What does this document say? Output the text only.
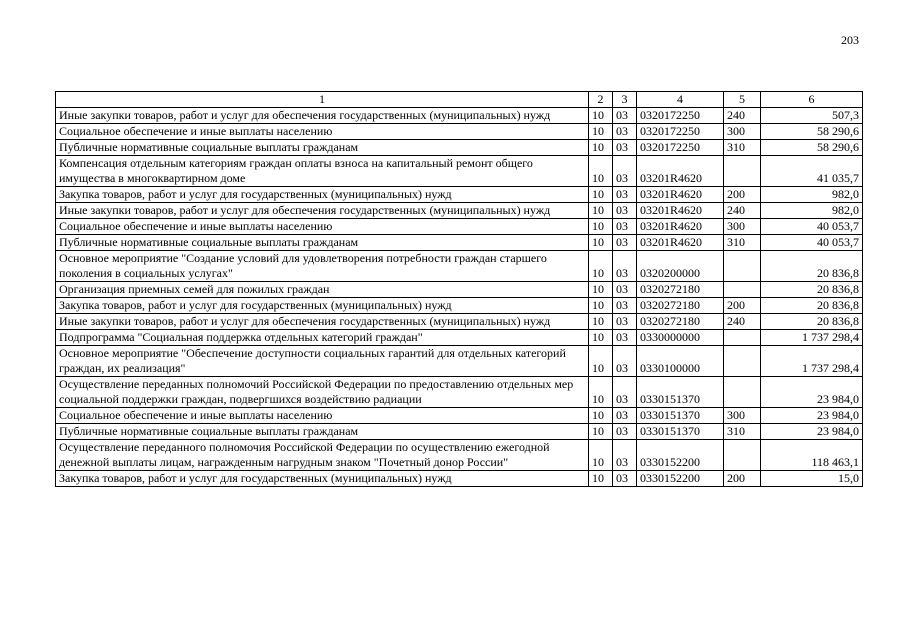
203
1	2	3	4	5	6
Иные закупки товаров, работ и услуг для обеспечения государственных (муниципальных) нужд	10	03	0320172250	240	507,3
Социальное обеспечение и иные выплаты населению	10	03	0320172250	300	58 290,6
Публичные нормативные социальные выплаты гражданам	10	03	0320172250	310	58 290,6
Компенсация отдельным категориям граждан оплаты взноса на капитальный ремонт общего имущества в многоквартирном доме	10	03	03201R4620		41 035,7
Закупка товаров, работ и услуг для государственных (муниципальных) нужд	10	03	03201R4620	200	982,0
Иные закупки товаров, работ и услуг для обеспечения государственных (муниципальных) нужд	10	03	03201R4620	240	982,0
Социальное обеспечение и иные выплаты населению	10	03	03201R4620	300	40 053,7
Публичные нормативные социальные выплаты гражданам	10	03	03201R4620	310	40 053,7
Основное мероприятие "Создание условий для удовлетворения потребности граждан старшего поколения в социальных услугах"	10	03	0320200000		20 836,8
Организация приемных семей для пожилых граждан	10	03	0320272180		20 836,8
Закупка товаров, работ и услуг для государственных (муниципальных) нужд	10	03	0320272180	200	20 836,8
Иные закупки товаров, работ и услуг для обеспечения государственных (муниципальных) нужд	10	03	0320272180	240	20 836,8
Подпрограмма "Социальная поддержка отдельных категорий граждан"	10	03	0330000000		1 737 298,4
Основное мероприятие "Обеспечение доступности социальных гарантий для отдельных категорий граждан, их реализация"	10	03	0330100000		1 737 298,4
Осуществление переданных полномочий Российской Федерации по предоставлению отдельных мер социальной поддержки граждан, подвергшихся воздействию радиации	10	03	0330151370		23 984,0
Социальное обеспечение и иные выплаты населению	10	03	0330151370	300	23 984,0
Публичные нормативные социальные выплаты гражданам	10	03	0330151370	310	23 984,0
Осуществление переданного полномочия Российской Федерации по осуществлению ежегодной денежной выплаты лицам, награжденным нагрудным знаком "Почетный донор России"	10	03	0330152200		118 463,1
Закупка товаров, работ и услуг для государственных (муниципальных) нужд	10	03	0330152200	200	15,0
